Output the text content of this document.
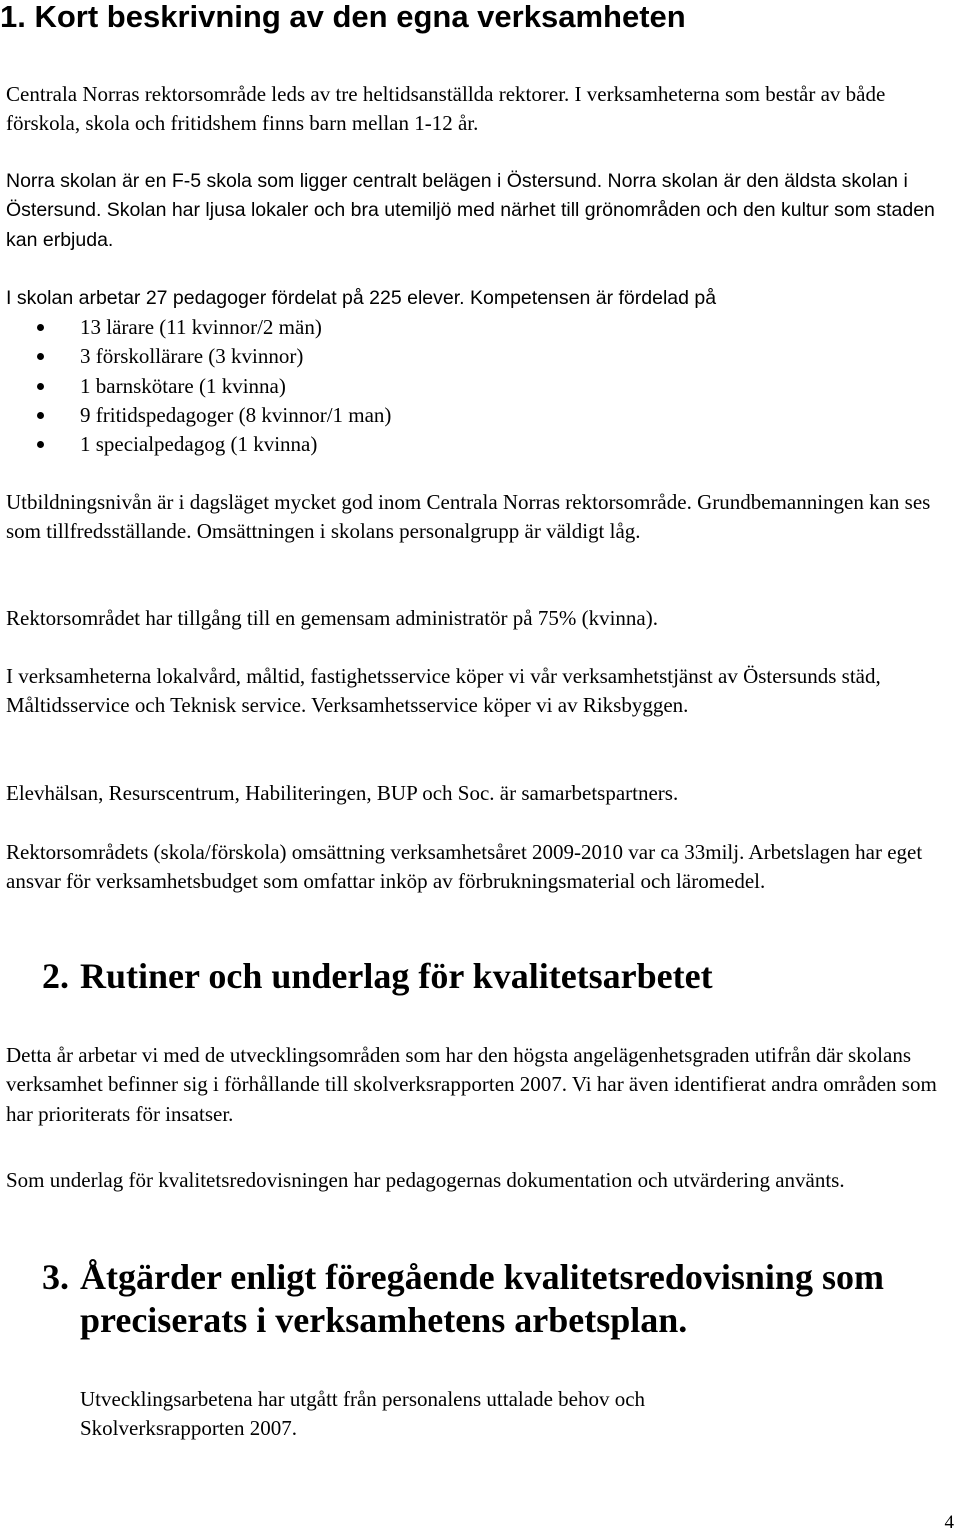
1. Kort beskrivning av den egna verksamheten

Centrala Norras rektorsområde leds av tre heltidsanställda rektorer. I verksamheterna som består av både förskola, skola och fritidshem finns barn mellan 1-12 år.

Norra skolan är en F-5 skola som ligger centralt belägen i Östersund. Norra skolan är den äldsta skolan i Östersund. Skolan har ljusa lokaler och bra utemiljö med närhet till grönområden och den kultur som staden kan erbjuda.

I skolan arbetar 27 pedagoger fördelat på 225 elever. Kompetensen är fördelad på

13 lärare (11 kvinnor/2 män)
3 förskollärare (3 kvinnor)
1 barnskötare (1 kvinna)
9 fritidspedagoger (8 kvinnor/1 man)
1 specialpedagog (1 kvinna)

Utbildningsnivån är i dagsläget mycket god inom Centrala Norras rektorsområde. Grundbemanningen kan ses som tillfredsställande. Omsättningen i skolans personalgrupp är väldigt låg.

Rektorsområdet har tillgång till en gemensam administratör på 75% (kvinna).

I verksamheterna lokalvård, måltid, fastighetsservice köper vi vår verksamhetstjänst av Östersunds städ, Måltidsservice och Teknisk service. Verksamhetsservice köper vi av Riksbyggen.

Elevhälsan, Resurscentrum, Habiliteringen, BUP och Soc. är samarbetspartners.

Rektorsområdets (skola/förskola) omsättning verksamhetsåret 2009-2010 var ca 33milj. Arbetslagen har eget ansvar för verksamhetsbudget som omfattar inköp av förbrukningsmaterial och läromedel.

2. Rutiner och underlag för kvalitetsarbetet

Detta år arbetar vi med de utvecklingsområden som har den högsta angelägenhetsgraden utifrån där skolans verksamhet befinner sig i förhållande till skolverksrapporten 2007. Vi har även identifierat andra områden som har prioriterats för insatser.

Som underlag för kvalitetsredovisningen har pedagogernas dokumentation och utvärdering använts.

3. Åtgärder enligt föregående kvalitetsredovisning som
preciserats i verksamhetens arbetsplan.

Utvecklingsarbetena har utgått från personalens uttalade behov och Skolverksrapporten 2007.

4
